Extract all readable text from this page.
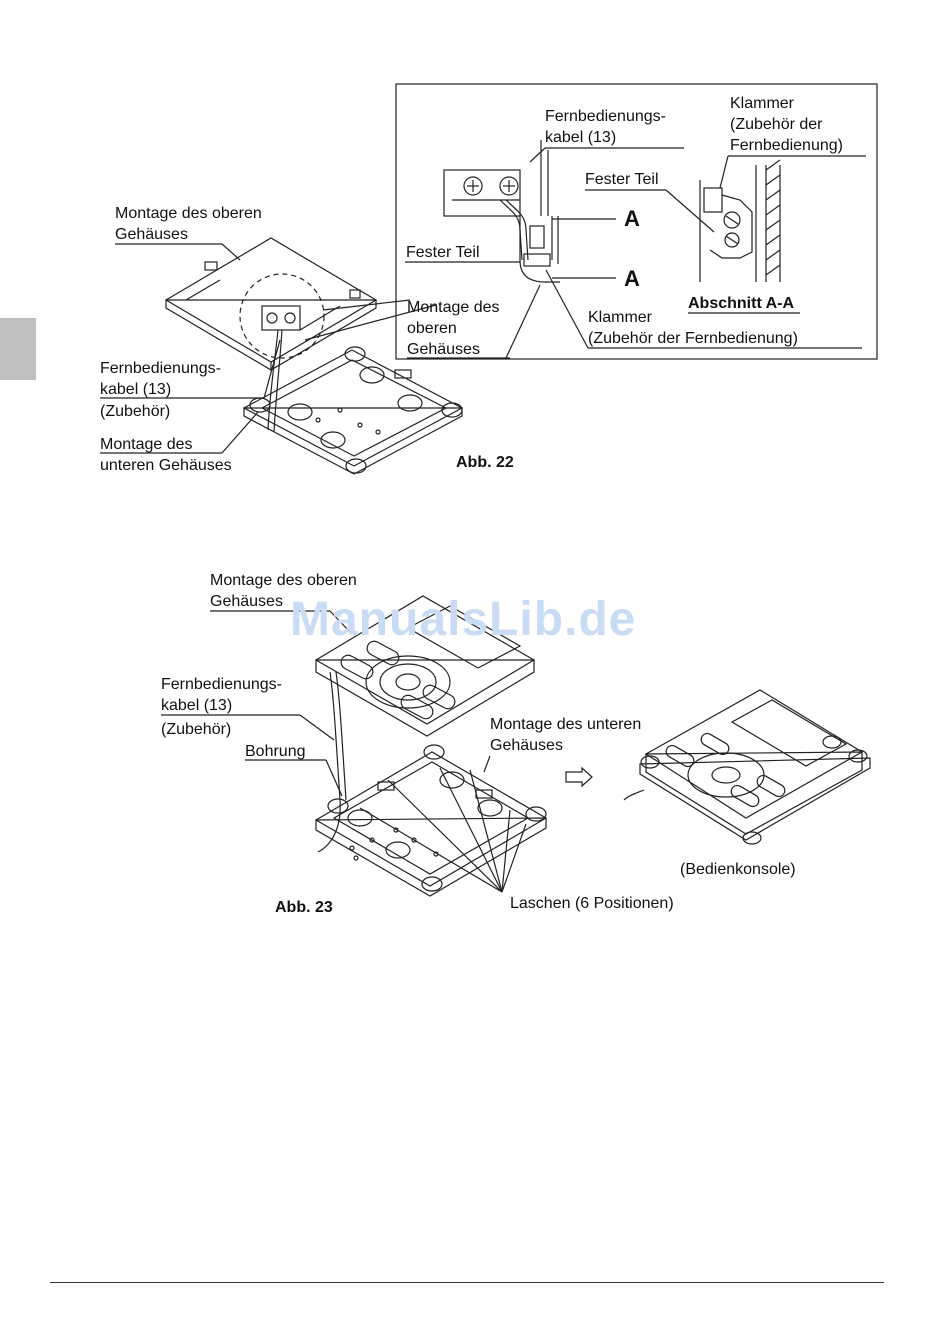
Montage des oberen
Gehäuses
Fernbedienungs-
kabel (13)
(Zubehör)
Montage des
unteren Gehäuses	Abb. 22
Fernbedienungs-
kabel (13)
Klammer
(Zubehör der
Fernbedienung)
Fester Teil
A
Fester Teil
A
Montage des
oberen
Gehäuses
Klammer
(Zubehör der Fernbedienung)
Abschnitt A-A
Montage des oberen
Gehäuses
Fernbedienungs-
kabel (13)
(Zubehör)
Bohrung
Montage des unteren
Gehäuses
(Bedienkonsole)
Laschen (6 Positionen)
Abb. 23
ManualsLib.de
